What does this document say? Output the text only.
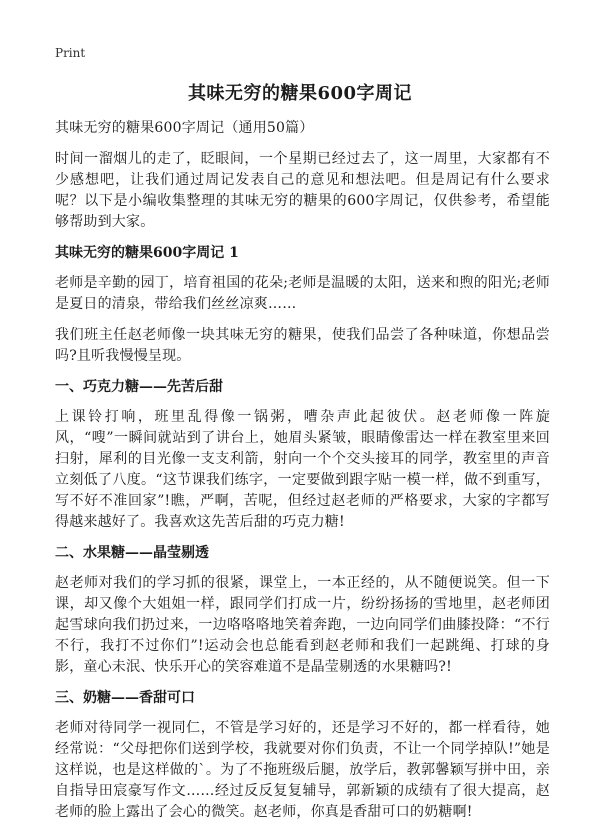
Print
其味无穷的糖果600字周记

其味无穷的糖果600字周记（通用50篇）

时间一溜烟儿的走了，眨眼间，一个星期已经过去了，这一周里，大家都有不少感想吧，让我们通过周记发表自己的意见和想法吧。但是周记有什么要求呢？以下是小编收集整理的其味无穷的糖果的600字周记，仅供参考，希望能够帮助到大家。

其味无穷的糖果600字周记 1

老师是辛勤的园丁，培育祖国的花朵;老师是温暖的太阳，送来和煦的阳光;老师是夏日的清泉，带给我们丝丝凉爽……

我们班主任赵老师像一块其味无穷的糖果，使我们品尝了各种味道，你想品尝吗?且听我慢慢呈现。

一、巧克力糖——先苦后甜

上课铃打响，班里乱得像一锅粥，嘈杂声此起彼伏。赵老师像一阵旋风，“嗖”一瞬间就站到了讲台上，她眉头紧皱，眼睛像雷达一样在教室里来回扫射，犀利的目光像一支支利箭，射向一个个交头接耳的同学，教室里的声音立刻低了八度。“这节课我们练字，一定要做到跟字贴一模一样，做不到重写，写不好不准回家”!瞧，严啊，苦呢，但经过赵老师的严格要求，大家的字都写得越来越好了。我喜欢这先苦后甜的巧克力糖!

二、水果糖——晶莹剔透

赵老师对我们的学习抓的很紧，课堂上，一本正经的，从不随便说笑。但一下课，却又像个大姐姐一样，跟同学们打成一片，纷纷扬扬的雪地里，赵老师团起雪球向我们扔过来，一边咯咯咯地笑着奔跑，一边向同学们曲膝投降：“不行不行，我打不过你们”!运动会也总能看到赵老师和我们一起跳绳、打球的身影，童心未泯、快乐开心的笑容难道不是晶莹剔透的水果糖吗?!

三、奶糖——香甜可口

老师对待同学一视同仁，不管是学习好的，还是学习不好的，都一样看待，她经常说：“父母把你们送到学校，我就要对你们负责，不让一个同学掉队!”她是这样说，也是这样做的`。为了不拖班级后腿，放学后，教郭馨颖写拼中田，亲自指导田宸豪写作文……经过反反复复辅导，郭新颖的成绩有了很大提高，赵老师的脸上露出了会心的微笑。赵老师，你真是香甜可口的奶糖啊!
